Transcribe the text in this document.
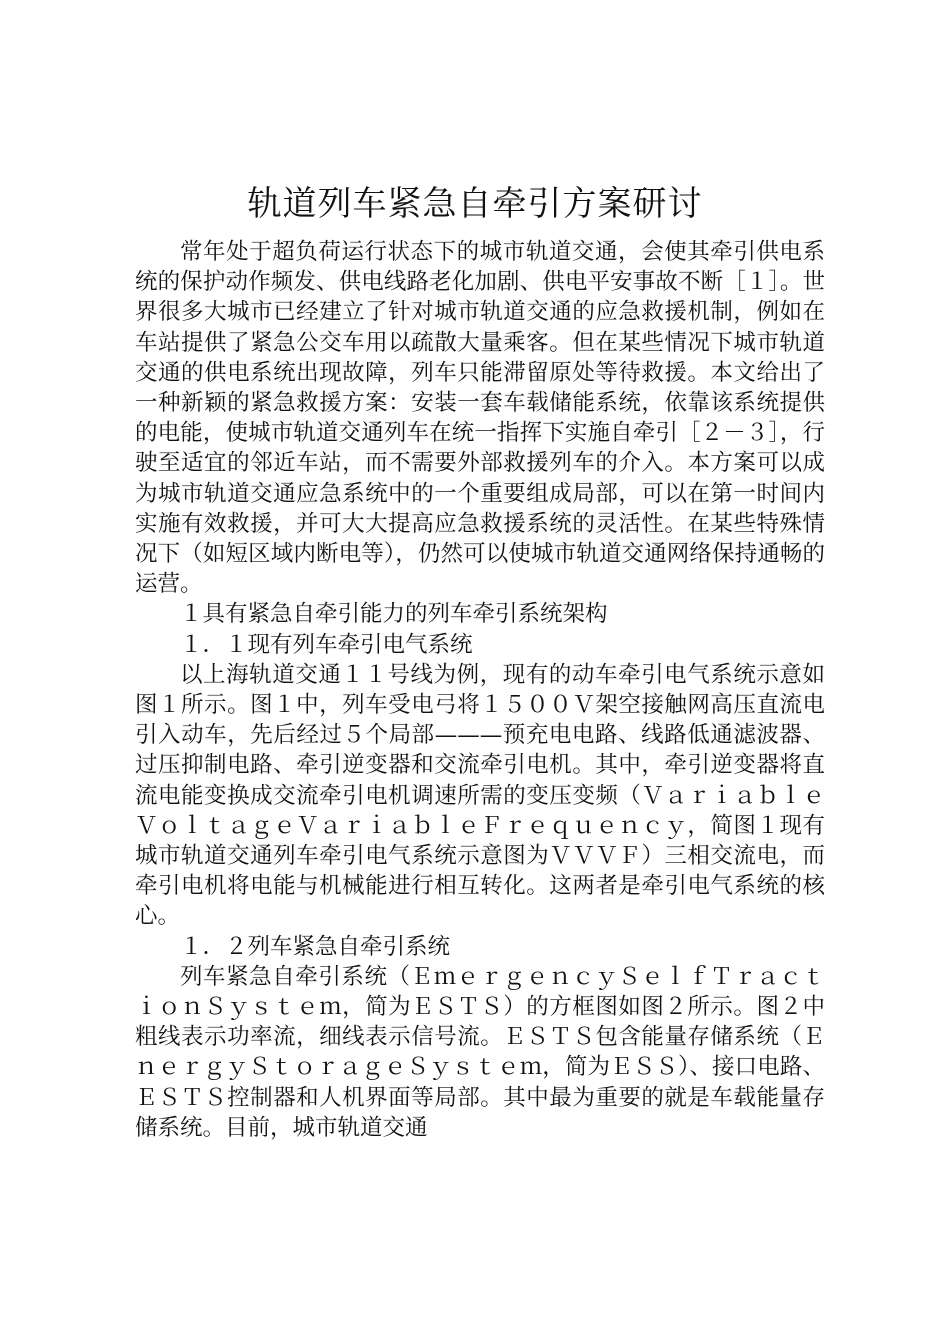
轨道列车紧急自牵引方案研讨

常年处于超负荷运行状态下的城市轨道交通，会使其牵引供电系统的保护动作频发、供电线路老化加剧、供电平安事故不断［１］。世界很多大城市已经建立了针对城市轨道交通的应急救援机制，例如在车站提供了紧急公交车用以疏散大量乘客。但在某些情况下城市轨道交通的供电系统出现故障，列车只能滞留原处等待救援。本文给出了一种新颖的紧急救援方案：安装一套车载储能系统，依靠该系统提供的电能，使城市轨道交通列车在统一指挥下实施自牵引［２－３］，行驶至适宜的邻近车站，而不需要外部救援列车的介入。本方案可以成为城市轨道交通应急系统中的一个重要组成局部，可以在第一时间内实施有效救援，并可大大提高应急救援系统的灵活性。在某些特殊情况下（如短区域内断电等），仍然可以使城市轨道交通网络保持通畅的运营。

１具有紧急自牵引能力的列车牵引系统架构

１．１现有列车牵引电气系统

以上海轨道交通１１号线为例，现有的动车牵引电气系统示意如图１所示。图１中，列车受电弓将１５００Ｖ架空接触网高压直流电引入动车，先后经过５个局部———预充电电路、线路低通滤波器、过压抑制电路、牵引逆变器和交流牵引电机。其中，牵引逆变器将直流电能变换成交流牵引电机调速所需的变压变频（ＶａｒｉａｂｌｅＶｏｌｔａｇｅＶａｒｉａｂｌｅＦｒｅｑｕｅｎｃｙ，简图１现有城市轨道交通列车牵引电气系统示意图为ＶＶＶＦ）三相交流电，而牵引电机将电能与机械能进行相互转化。这两者是牵引电气系统的核心。

１．２列车紧急自牵引系统

列车紧急自牵引系统（ＥｍｅｒｇｅｎｃｙＳｅｌｆＴｒａｃｔｉｏｎＳｙｓｔｅｍ，简为ＥＳＴＳ）的方框图如图２所示。图２中粗线表示功率流，细线表示信号流。ＥＳＴＳ包含能量存储系统（ＥｎｅｒｇｙＳｔｏｒａｇｅＳｙｓｔｅｍ，简为ＥＳＳ）、接口电路、ＥＳＴＳ控制器和人机界面等局部。其中最为重要的就是车载能量存储系统。目前，城市轨道交通
